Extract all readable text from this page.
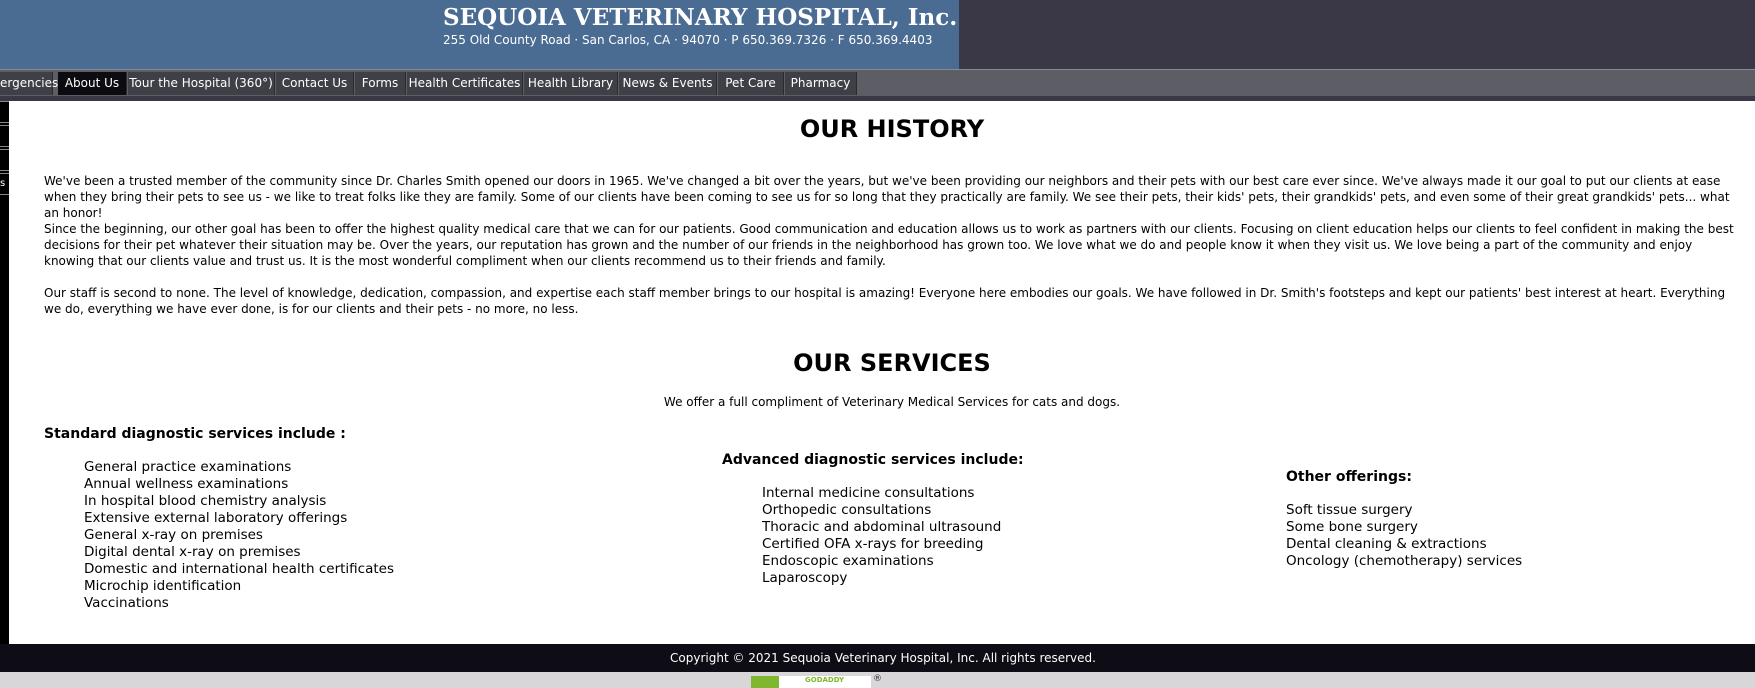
SEQUOIA VETERINARY HOSPITAL, Inc.
255 Old County Road · San Carlos, CA · 94070 · P 650.369.7326 · F 650.369.4403
ergencies About Us Tour the Hospital (360°) Contact Us	Forms Health Certificates Health Library News & Events	Pet Care	Pharmacy
s
OUR HISTORY

We've been a trusted member of the community since Dr. Charles Smith opened our doors in 1965. We've changed a bit over the years, but we've been providing our neighbors and their pets with our best care ever since. We've always made it our goal to put our clients at ease when they bring their pets to see us - we like to treat folks like they are family. Some of our clients have been coming to see us for so long that they practically are family. We see their pets, their kids' pets, their grandkids' pets, and even some of their great grandkids' pets... what an honor!

Since the beginning, our other goal has been to offer the highest quality medical care that we can for our patients. Good communication and education allows us to work as partners with our clients. Focusing on client education helps our clients to feel confident in making the best decisions for their pet whatever their situation may be. Over the years, our reputation has grown and the number of our friends in the neighborhood has grown too. We love what we do and people know it when they visit us. We love being a part of the community and enjoy knowing that our clients value and trust us. It is the most wonderful compliment when our clients recommend us to their friends and family.

Our staff is second to none. The level of knowledge, dedication, compassion, and expertise each staff member brings to our hospital is amazing! Everyone here embodies our goals. We have followed in Dr. Smith's footsteps and kept our patients' best interest at heart. Everything we do, everything we have ever done, is for our clients and their pets - no more, no less.

OUR SERVICES

We offer a full compliment of Veterinary Medical Services for cats and dogs.

Standard diagnostic services include :
General practice examinations
Annual wellness examinations
In hospital blood chemistry analysis
Extensive external laboratory offerings
General x-ray on premises
Digital dental x-ray on premises
Domestic and international health certificates
Microchip identification
Vaccinations
Advanced diagnostic services include:
Internal medicine consultations
Orthopedic consultations
Thoracic and abdominal ultrasound
Certified OFA x-rays for breeding
Endoscopic examinations
Laparoscopy
Other offerings:
Soft tissue surgery
Some bone surgery
Dental cleaning & extractions
Oncology (chemotherapy) services
Copyright © 2021 Sequoia Veterinary Hospital, Inc. All rights reserved.
GODADDY	®
